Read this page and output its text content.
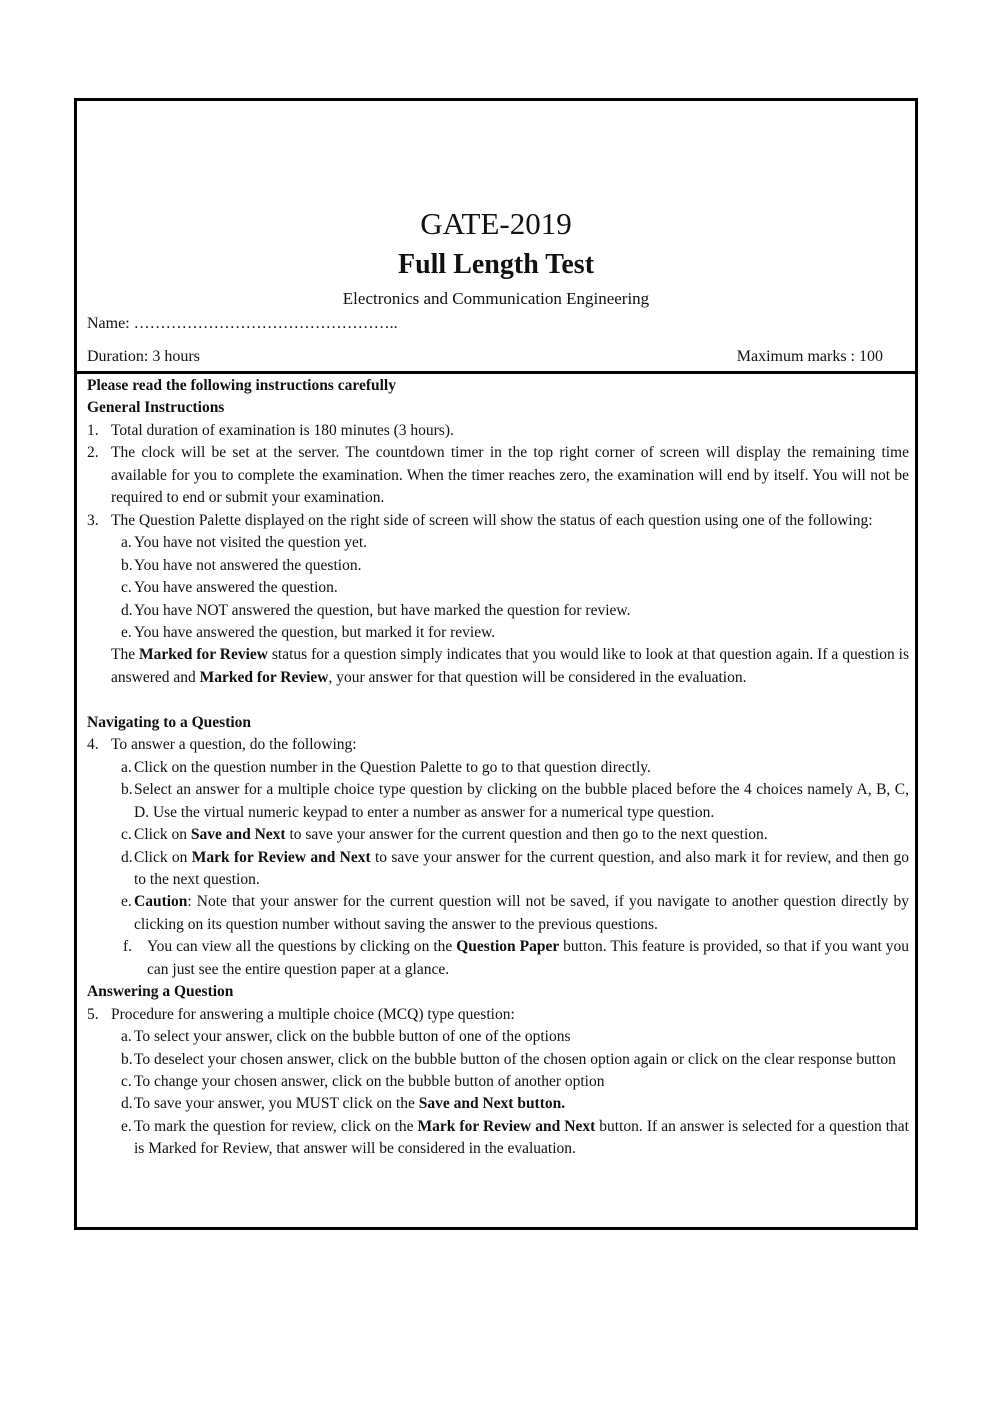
GATE-2019
Full Length Test
Electronics and Communication Engineering
Name: …………………………………………..
Duration: 3 hours	Maximum marks : 100
Please read the following instructions carefully
General Instructions
1. Total duration of examination is 180 minutes (3 hours).
2. The clock will be set at the server. The countdown timer in the top right corner of screen will display the remaining time available for you to complete the examination. When the timer reaches zero, the examination will end by itself. You will not be required to end or submit your examination.
3. The Question Palette displayed on the right side of screen will show the status of each question using one of the following:
a. You have not visited the question yet.
b. You have not answered the question.
c. You have answered the question.
d. You have NOT answered the question, but have marked the question for review.
e. You have answered the question, but marked it for review.
The Marked for Review status for a question simply indicates that you would like to look at that question again. If a question is answered and Marked for Review, your answer for that question will be considered in the evaluation.
Navigating to a Question
4. To answer a question, do the following:
a. Click on the question number in the Question Palette to go to that question directly.
b. Select an answer for a multiple choice type question by clicking on the bubble placed before the 4 choices namely A, B, C, D. Use the virtual numeric keypad to enter a number as answer for a numerical type question.
c. Click on Save and Next to save your answer for the current question and then go to the next question.
d. Click on Mark for Review and Next to save your answer for the current question, and also mark it for review, and then go to the next question.
e. Caution: Note that your answer for the current question will not be saved, if you navigate to another question directly by clicking on its question number without saving the answer to the previous questions.
f. You can view all the questions by clicking on the Question Paper button. This feature is provided, so that if you want you can just see the entire question paper at a glance.
Answering a Question
5. Procedure for answering a multiple choice (MCQ) type question:
a. To select your answer, click on the bubble button of one of the options
b. To deselect your chosen answer, click on the bubble button of the chosen option again or click on the clear response button
c. To change your chosen answer, click on the bubble button of another option
d. To save your answer, you MUST click on the Save and Next button.
e. To mark the question for review, click on the Mark for Review and Next button. If an answer is selected for a question that is Marked for Review, that answer will be considered in the evaluation.
